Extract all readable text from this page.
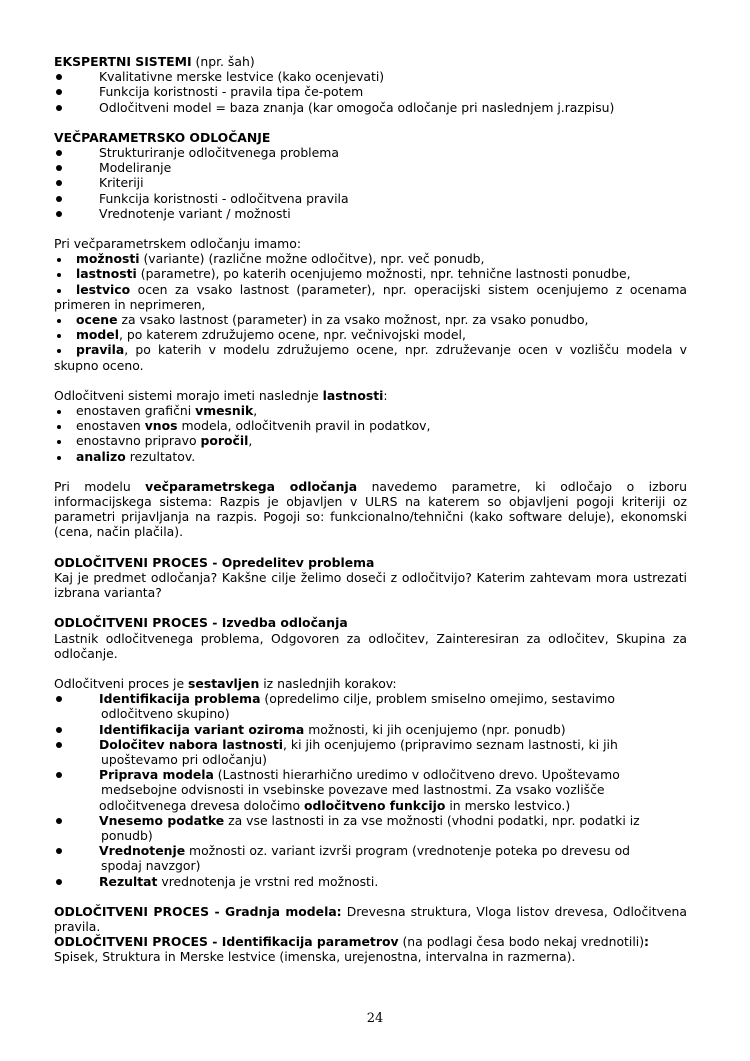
EKSPERTNI SISTEMI (npr. šah)

Kvalitativne merske lestvice (kako ocenjevati)
Funkcija koristnosti - pravila tipa če-potem
Odločitveni model = baza znanja (kar omogoča odločanje pri naslednjem j.razpisu)

VEČPARAMETRSKO ODLOČANJE

Strukturiranje odločitvenega problema
Modeliranje
Kriteriji
Funkcija koristnosti - odločitvena pravila
Vrednotenje variant / možnosti

Pri večparametrskem odločanju imamo:

možnosti (variante) (različne možne odločitve), npr. več ponudb,
lastnosti (parametre), po katerih ocenjujemo možnosti, npr. tehnične lastnosti ponudbe,
lestvico ocen za vsako lastnost (parameter), npr. operacijski sistem ocenjujemo z ocenama primeren in neprimeren,
ocene za vsako lastnost (parameter) in za vsako možnost, npr. za vsako ponudbo,
model, po katerem združujemo ocene, npr. večnivojski model,
pravila, po katerih v modelu združujemo ocene, npr. združevanje ocen v vozlišču modela v skupno oceno.

Odločitveni sistemi morajo imeti naslednje lastnosti:

enostaven grafični vmesnik,
enostaven vnos modela, odločitvenih pravil in podatkov,
enostavno pripravo poročil,
analizo rezultatov.

Pri modelu večparametrskega odločanja navedemo parametre, ki odločajo o izboru informacijskega sistema: Razpis je objavljen v ULRS na katerem so objavljeni pogoji kriteriji oz parametri prijavljanja na razpis. Pogoji so: funkcionalno/tehnični (kako software deluje), ekonomski (cena, način plačila).

ODLOČITVENI PROCES - Opredelitev problema

Kaj je predmet odločanja? Kakšne cilje želimo doseči z odločitvijo? Katerim zahtevam mora ustrezati izbrana varianta?

ODLOČITVENI PROCES - Izvedba odločanja

Lastnik odločitvenega problema, Odgovoren za odločitev, Zainteresiran za odločitev, Skupina za odločanje.

Odločitveni proces je sestavljen iz naslednjih korakov:

Identifikacija problema (opredelimo cilje, problem smiselno omejimo, sestavimo
odločitveno skupino)
Identifikacija variant oziroma možnosti, ki jih ocenjujemo (npr. ponudb)
Določitev nabora lastnosti, ki jih ocenjujemo (pripravimo seznam lastnosti, ki jih
upoštevamo pri odločanju)
Priprava modela (Lastnosti hierarhično uredimo v odločitveno drevo. Upoštevamo
medsebojne odvisnosti in vsebinske povezave med lastnostmi. Za vsako vozlišče
odločitvenega drevesa določimo odločitveno funkcijo in mersko lestvico.)
Vnesemo podatke za vse lastnosti in za vse možnosti (vhodni podatki, npr. podatki iz
ponudb)
Vrednotenje možnosti oz. variant izvrši program (vrednotenje poteka po drevesu od
spodaj navzgor)
Rezultat vrednotenja je vrstni red možnosti.

ODLOČITVENI PROCES - Gradnja modela: Drevesna struktura, Vloga listov drevesa, Odločitvena pravila.

ODLOČITVENI PROCES - Identifikacija parametrov (na podlagi česa bodo nekaj vrednotili):

Spisek, Struktura in Merske lestvice (imenska, urejenostna, intervalna in razmerna).

24
